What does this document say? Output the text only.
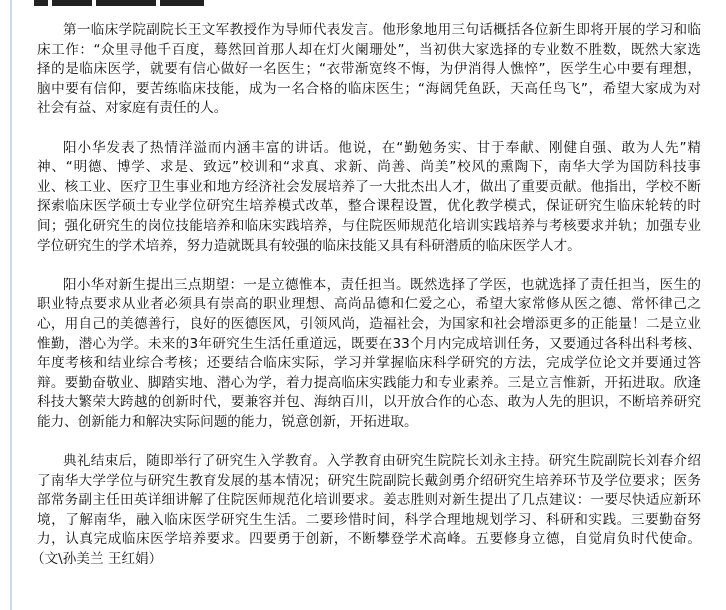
第一临床学院副院长王文军教授作为导师代表发言。他形象地用三句话概括各位新生即将开展的学习和临
床工作：“众里寻他千百度，蓦然回首那人却在灯火阑珊处”，当初供大家选择的专业数不胜数，既然大家选
择的是临床医学，就要有信心做好一名医生；“衣带渐宽终不悔，为伊消得人憔悴”，医学生心中要有理想，
脑中要有信仰，要苦练临床技能，成为一名合格的临床医生；“海阔凭鱼跃，天高任鸟飞”，希望大家成为对
社会有益、对家庭有责任的人。
阳小华发表了热情洋溢而内涵丰富的讲话。他说，在“勤勉务实、甘于奉献、刚健自强、敢为人先”精
神、“明德、博学、求是、致远”校训和“求真、求新、尚善、尚美”校风的熏陶下，南华大学为国防科技事
业、核工业、医疗卫生事业和地方经济社会发展培养了一大批杰出人才，做出了重要贡献。他指出，学校不断
探索临床医学硕士专业学位研究生培养模式改革，整合课程设置，优化教学模式，保证研究生临床轮转的时
间；强化研究生的岗位技能培养和临床实践培养，与住院医师规范化培训实践培养与考核要求并轨；加强专业
学位研究生的学术培养，努力造就既具有较强的临床技能又具有科研潜质的临床医学人才。
阳小华对新生提出三点期望：一是立德惟本，责任担当。既然选择了学医，也就选择了责任担当，医生的
职业特点要求从业者必须具有崇高的职业理想、高尚品德和仁爱之心，希望大家常修从医之德、常怀律己之
心，用自己的美德善行，良好的医德医风，引领风尚，造福社会，为国家和社会增添更多的正能量！二是立业
惟勤，潜心为学。未来的3年研究生生活任重道远，既要在33个月内完成培训任务，又要通过各科出科考核、
年度考核和结业综合考核；还要结合临床实际，学习并掌握临床科学研究的方法，完成学位论文并要通过答
辩。要勤奋敬业、脚踏实地、潜心为学，着力提高临床实践能力和专业素养。三是立言惟新，开拓进取。欣逢
科技大繁荣大跨越的创新时代，要兼容并包、海纳百川，以开放合作的心态、敢为人先的胆识，不断培养研究
能力、创新能力和解决实际问题的能力，锐意创新，开拓进取。
典礼结束后，随即举行了研究生入学教育。入学教育由研究生院院长刘永主持。研究生院副院长刘春介绍
了南华大学学位与研究生教育发展的基本情况；研究生院副院长戴剑勇介绍研究生培养环节及学位要求；医务
部常务副主任田英详细讲解了住院医师规范化培训要求。姜志胜则对新生提出了几点建议：一要尽快适应新环
境，了解南华，融入临床医学研究生生活。二要珍惜时间，科学合理地规划学习、科研和实践。三要勤奋努
力，认真完成临床医学培养要求。四要勇于创新，不断攀登学术高峰。五要修身立德，自觉肩负时代使命。
（文\孙美兰 王红娟）
